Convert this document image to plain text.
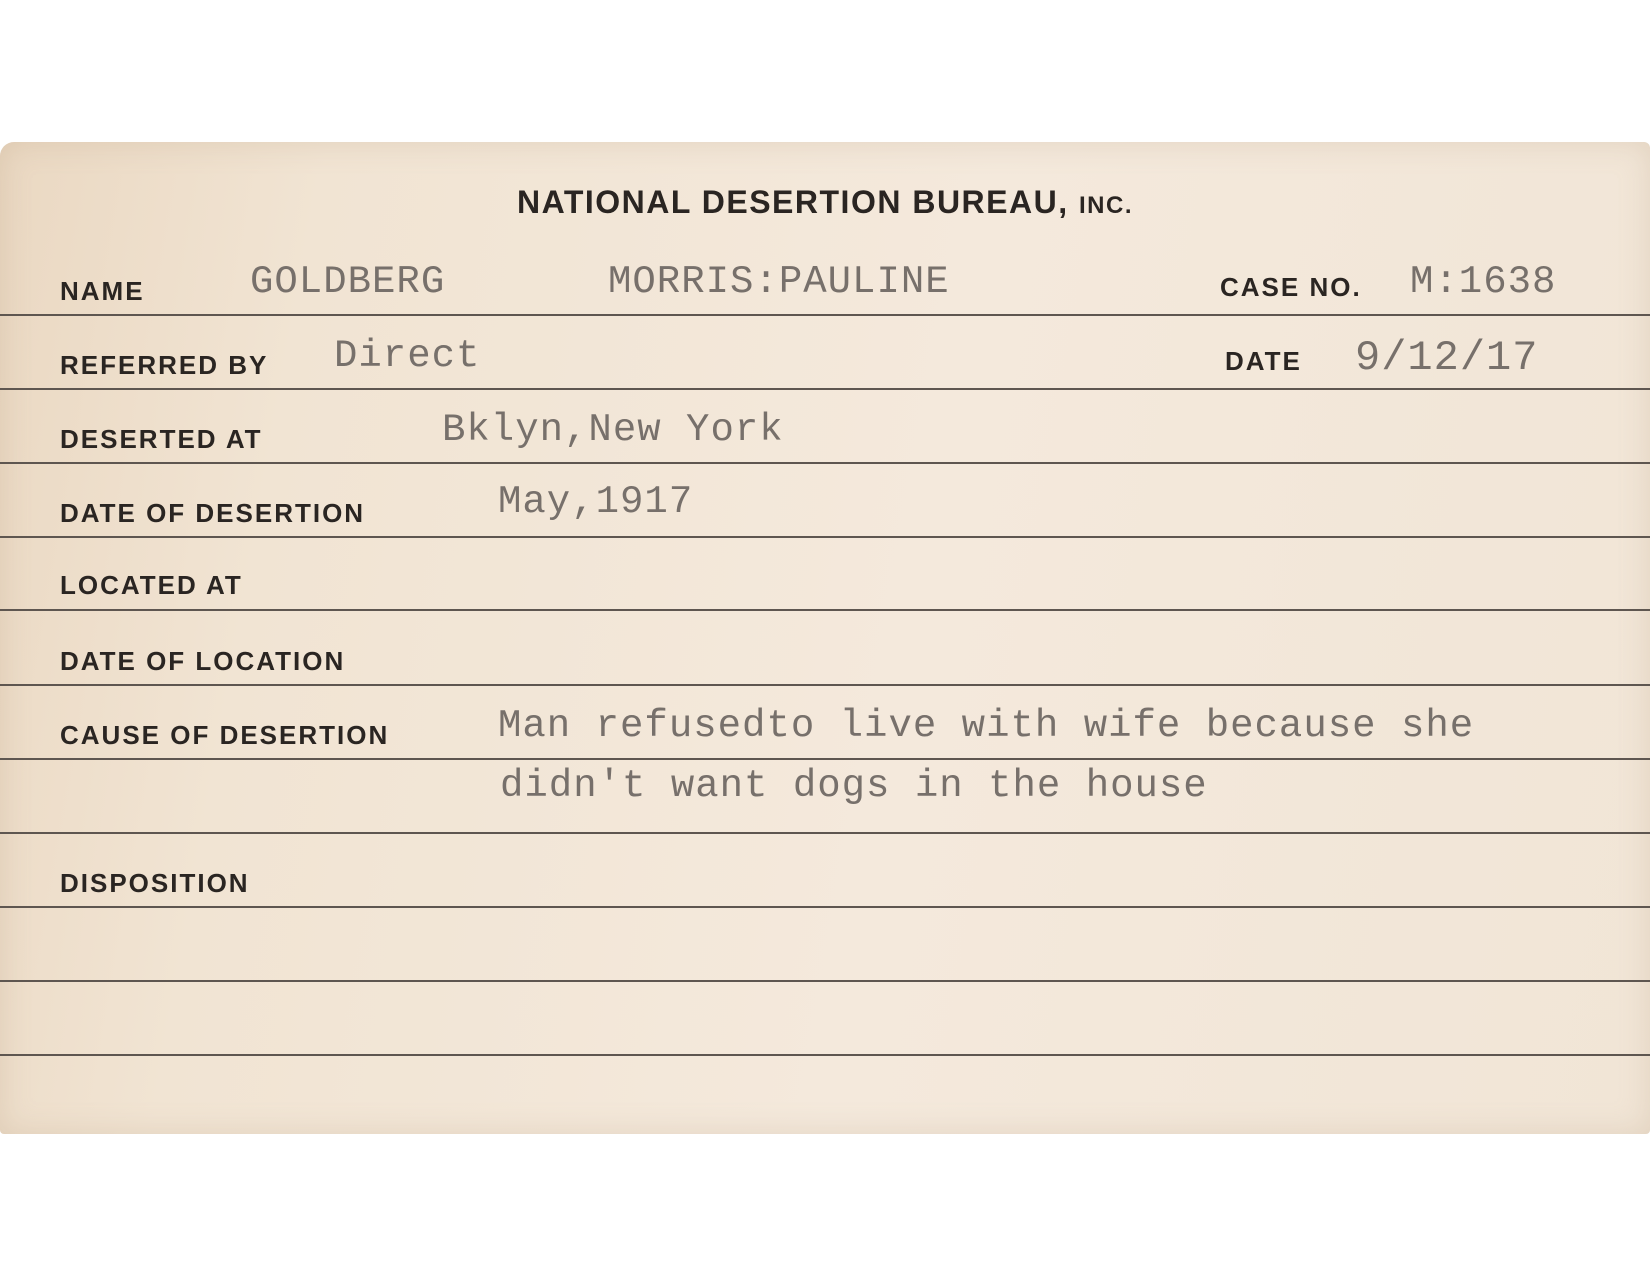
NATIONAL DESERTION BUREAU, INC.
NAME	GOLDBERG	MORRIS:PAULINE	CASE NO. M:1638
REFERRED BY Direct	DATE 9/12/17
DESERTED AT	Bklyn,New York
DATE OF DESERTION	May,1917
LOCATED AT
DATE OF LOCATION
CAUSE OF DESERTION	Man refusedto live with wife because she
didn't want dogs in the house
DISPOSITION
